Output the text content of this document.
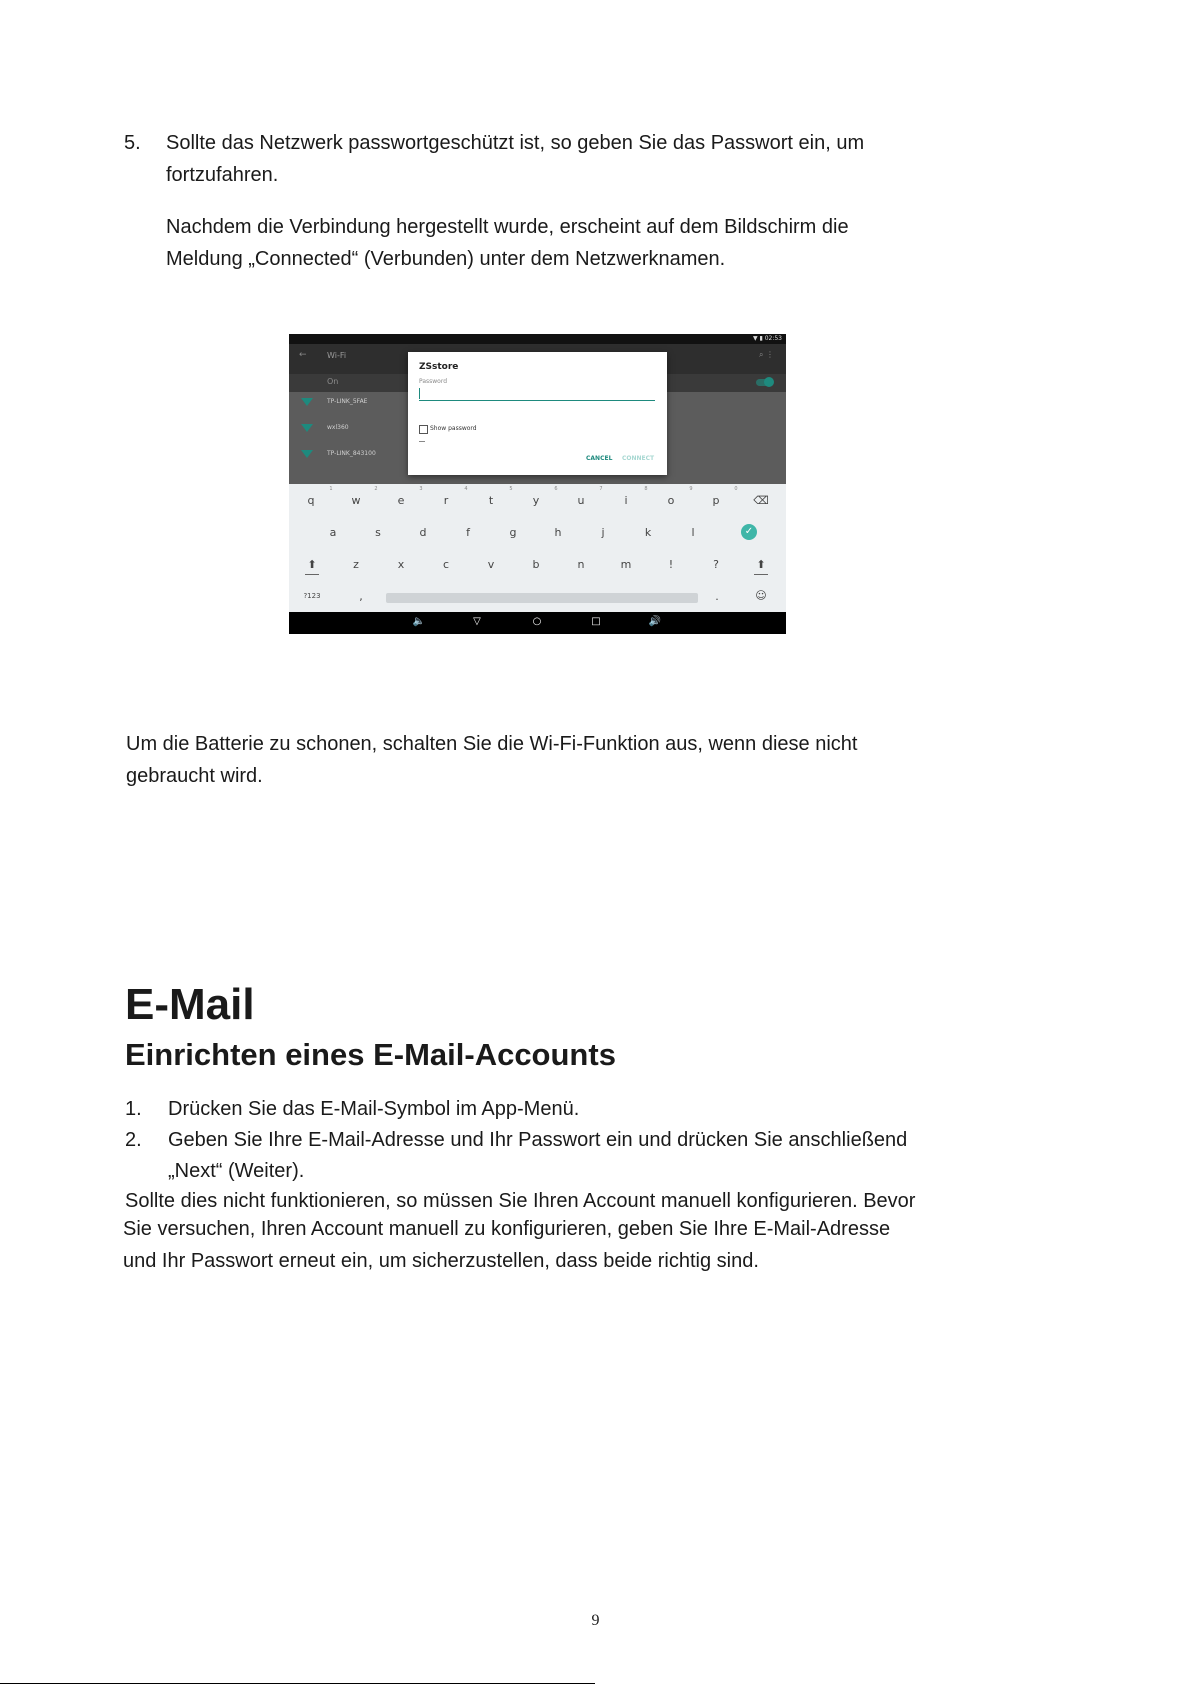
5. Sollte das Netzwerk passwortgeschützt ist, so geben Sie das Passwort ein, um

fortzufahren.

Nachdem die Verbindung hergestellt wurde, erscheint auf dem Bildschirm die

Meldung „Connected“ (Verbunden) unter dem Netzwerknamen.

▼ ▮ 02:53
TP-LINK_5FAE
wxl360
TP-LINK_843100
←	Wi-Fi	⌕ ⋮
On
ZSstore
Password
Show password
CANCEL CONNECT
1	2	3	4	5	6	7	8	9	0
q	w	e	r	t	y	u	i	o	p	⌫
a	s	d	f	g	h	j	k	l	✓
⬆	z	x	c	v	b	n	m	!	?	⬆
?123	,	.	☺
🔈	▽	○	□	🔊

Um die Batterie zu schonen, schalten Sie die Wi-Fi-Funktion aus, wenn diese nicht

gebraucht wird.

E-Mail
Einrichten eines E-Mail-Accounts
1. Drücken Sie das E-Mail-Symbol im App-Menü.

2. Geben Sie Ihre E-Mail-Adresse und Ihr Passwort ein und drücken Sie anschließend

„Next“ (Weiter).

Sollte dies nicht funktionieren, so müssen Sie Ihren Account manuell konfigurieren. Bevor

Sie versuchen, Ihren Account manuell zu konfigurieren, geben Sie Ihre E-Mail-Adresse

und Ihr Passwort erneut ein, um sicherzustellen, dass beide richtig sind.

9
